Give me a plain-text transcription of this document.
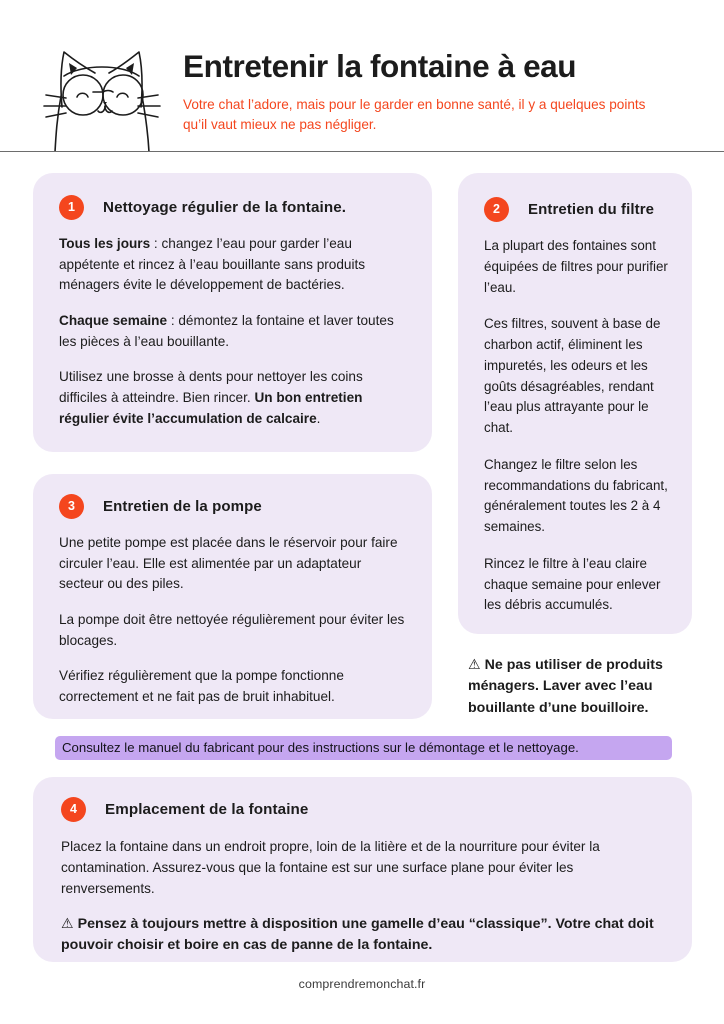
Entretenir la fontaine à eau

Votre chat l’adore, mais pour le garder en bonne santé, il y a quelques points qu’il vaut mieux ne pas négliger.

1	Nettoyage régulier de la fontaine.

Tous les jours : changez l’eau pour garder l’eau appétente et rincez à l’eau bouillante sans produits ménagers évite le développement de bactéries.

Chaque semaine : démontez la fontaine et laver toutes les pièces à l’eau bouillante.

Utilisez une brosse à dents pour nettoyer les coins difficiles à atteindre. Bien rincer. Un bon entretien régulier évite l’accumulation de calcaire.

2	Entretien du filtre

La plupart des fontaines sont équipées de filtres pour purifier l’eau.

Ces filtres, souvent à base de charbon actif, éliminent les impuretés, les odeurs et les goûts désagréables, rendant l’eau plus attrayante pour le chat.

Changez le filtre selon les recommandations du fabricant, généralement toutes les 2 à 4 semaines.

Rincez le filtre à l’eau claire chaque semaine pour enlever les débris accumulés.

⚠ Ne pas utiliser de produits ménagers. Laver avec l’eau bouillante d’une bouilloire.

3	Entretien de la pompe

Une petite pompe est placée dans le réservoir pour faire circuler l’eau. Elle est alimentée par un adaptateur secteur ou des piles.

La pompe doit être nettoyée régulièrement pour éviter les blocages.

Vérifiez régulièrement que la pompe fonctionne correctement et ne fait pas de bruit inhabituel.

Consultez le manuel du fabricant pour des instructions sur le démontage et le nettoyage.
4	Emplacement de la fontaine

Placez la fontaine dans un endroit propre, loin de la litière et de la nourriture pour éviter la contamination. Assurez-vous que la fontaine est sur une surface plane pour éviter les renversements.

⚠ Pensez à toujours mettre à disposition une gamelle d’eau “classique”. Votre chat doit pouvoir choisir et boire en cas de panne de la fontaine.

comprendremonchat.fr
